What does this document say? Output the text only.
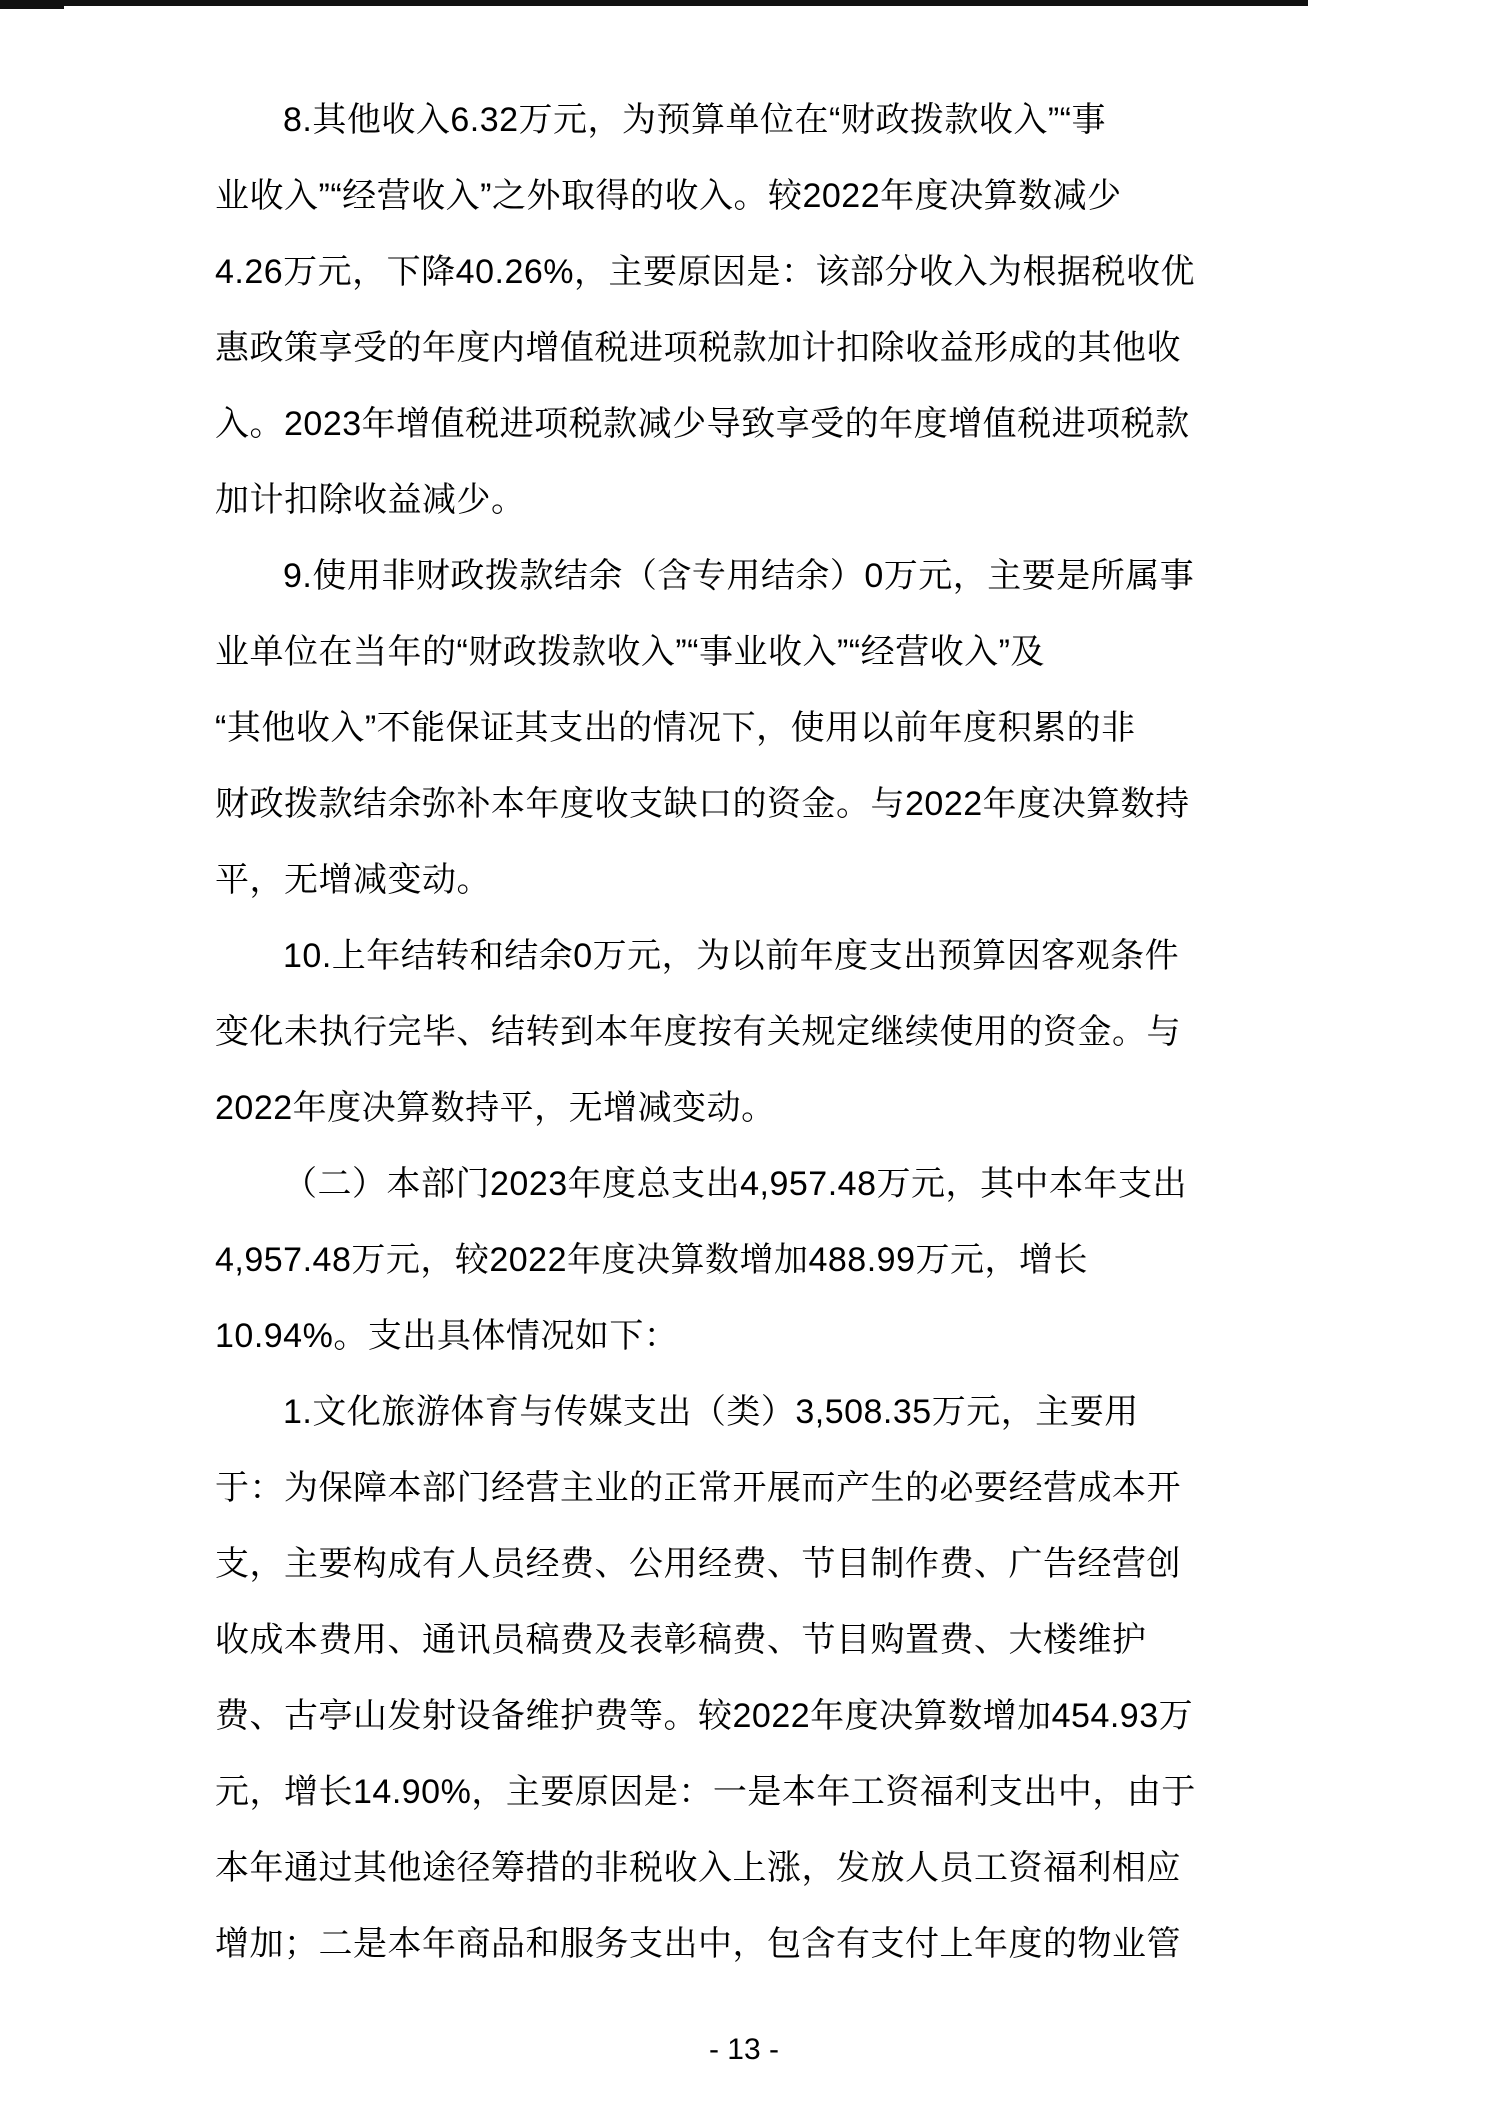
8.其他收入6.32万元，为预算单位在“财政拨款收入”“事
业收入”“经营收入”之外取得的收入。较2022年度决算数减少
4.26万元，下降40.26%，主要原因是：该部分收入为根据税收优
惠政策享受的年度内增值税进项税款加计扣除收益形成的其他收
入。2023年增值税进项税款减少导致享受的年度增值税进项税款
加计扣除收益减少。
9.使用非财政拨款结余（含专用结余）0万元，主要是所属事
业单位在当年的“财政拨款收入”“事业收入”“经营收入”及
“其他收入”不能保证其支出的情况下，使用以前年度积累的非
财政拨款结余弥补本年度收支缺口的资金。与2022年度决算数持
平，无增减变动。
10.上年结转和结余0万元，为以前年度支出预算因客观条件
变化未执行完毕、结转到本年度按有关规定继续使用的资金。与
2022年度决算数持平，无增减变动。
（二）本部门2023年度总支出4,957.48万元，其中本年支出
4,957.48万元，较2022年度决算数增加488.99万元，增长
10.94%。支出具体情况如下：
1.文化旅游体育与传媒支出（类）3,508.35万元，主要用
于：为保障本部门经营主业的正常开展而产生的必要经营成本开
支，主要构成有人员经费、公用经费、节目制作费、广告经营创
收成本费用、通讯员稿费及表彰稿费、节目购置费、大楼维护
费、古亭山发射设备维护费等。较2022年度决算数增加454.93万
元，增长14.90%，主要原因是：一是本年工资福利支出中，由于
本年通过其他途径筹措的非税收入上涨，发放人员工资福利相应
增加；二是本年商品和服务支出中，包含有支付上年度的物业管
- 13 -
